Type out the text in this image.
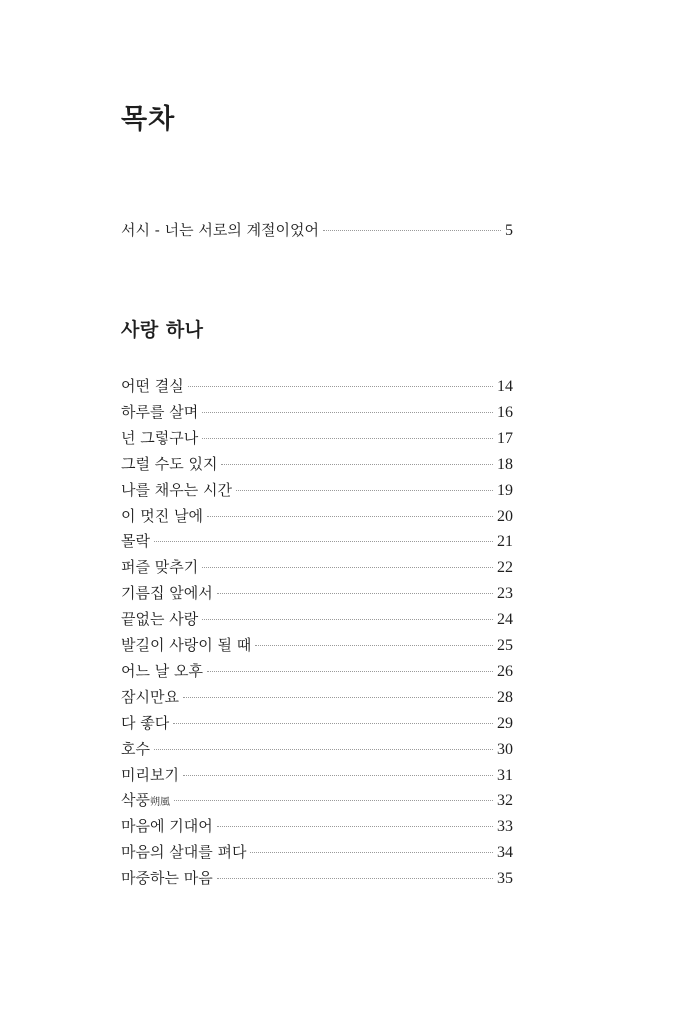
목차
서시 - 너는 서로의 계절이었어	5
사랑 하나
어떤 결실	14
하루를 살며	16
넌 그렇구나	17
그럴 수도 있지	18
나를 채우는 시간	19
이 멋진 날에	20
몰락	21
퍼즐 맞추기	22
기름집 앞에서	23
끝없는 사랑	24
발길이 사랑이 될 때	25
어느 날 오후	26
잠시만요	28
다 좋다	29
호수	30
미리보기	31
삭풍 朔風	32
마음에 기대어	33
마음의 살대를 펴다	34
마중하는 마음	35
